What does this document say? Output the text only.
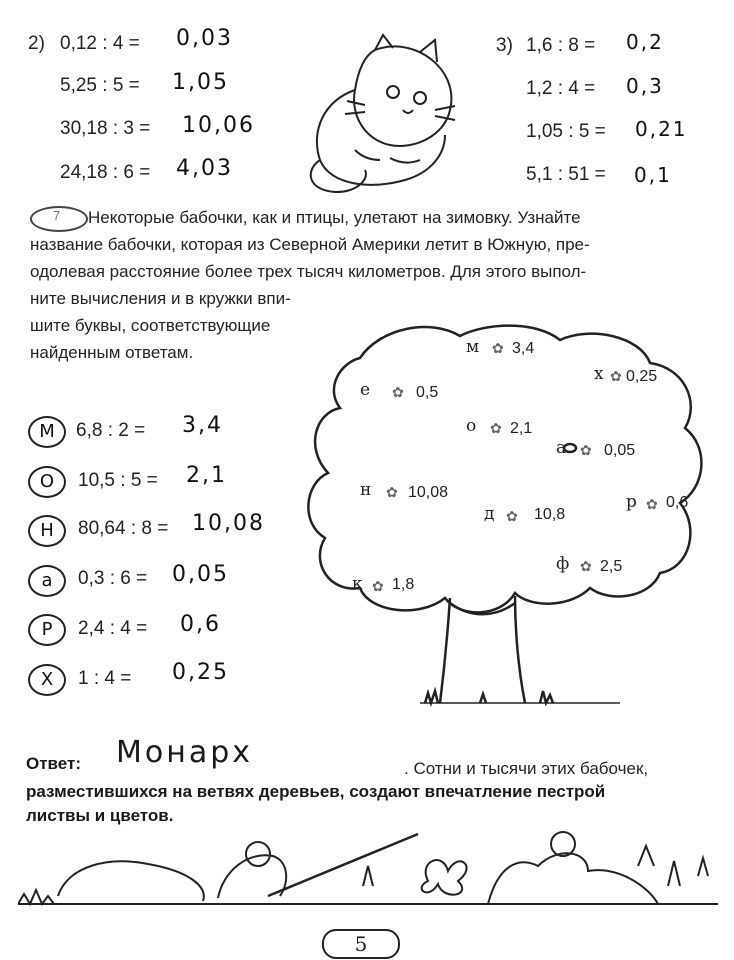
2) 0,12 : 4 = 0,03
5,25 : 5 = 1,05
30,18 : 3 = 10,06
24,18 : 6 = 4,03
3) 1,6 : 8 = 0,2
1,2 : 4 = 0,3
1,05 : 5 = 0,21
5,1 : 51 = 0,1
7 Некоторые бабочки, как и птицы, улетают на зимовку. Узнайте
название бабочки, которая из Северной Америки летит в Южную, пре-
одолевая расстояние более трех тысяч километров. Для этого выпол-
ните вычисления и в кружки впи-
шите буквы, соответствующие
найденным ответам.
М	6,8 : 2 = 3,4
О	10,5 : 5 = 2,1
Н	80,64 : 8 = 10,08
а	0,3 : 6 = 0,05
Р	2,4 : 4 = 0,6
Х	1 : 4 = 0,25
м ✿ 3,4
е ✿ 0,5
х ✿ 0,25
о ✿ 2,1
а ✿ 0,05
н ✿ 10,08
д ✿ 10,8
р ✿ 0,6
ф ✿ 2,5
к ✿ 1,8
Ответ: Монарх	. Сотни и тысячи этих бабочек,
разместившихся на ветвях деревьев, создают впечатление пестрой
листвы и цветов.
5
